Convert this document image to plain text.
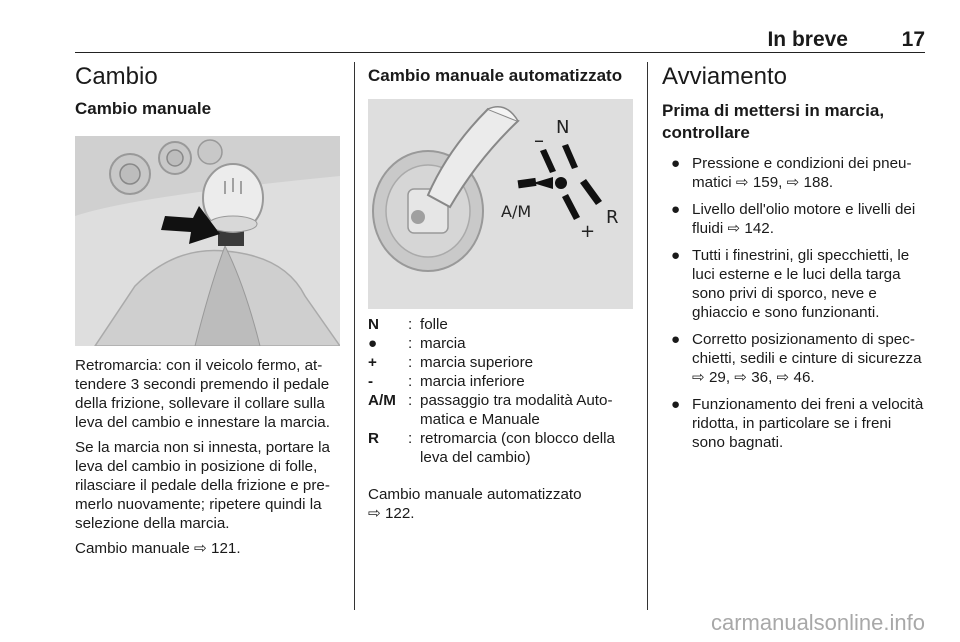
In breve	17
Cambio
Cambio manuale

Retromarcia: con il veicolo fermo, attendere 3 secondi premendo il pedale della frizione, sollevare il collare sulla leva del cambio e innestare la marcia.

Se la marcia non si innesta, portare la leva del cambio in posizione di folle, rilasciare il pedale della frizione e premerlo nuovamente; ripetere quindi la selezione della marcia.

Cambio manuale ⇨ 121.

Cambio manuale automatizzato
N
–
A/M
+
R
N	: folle
●	: marcia
+	: marcia superiore
-	: marcia inferiore
A/M : passaggio tra modalità Automatica e Manuale
R	: retromarcia (con blocco della leva del cambio)

Cambio manuale automatizzato
⇨ 122.

Avviamento
Prima di mettersi in marcia, controllare
● Pressione e condizioni dei pneumatici ⇨ 159, ⇨ 188.
● Livello dell'olio motore e livelli dei fluidi ⇨ 142.
● Tutti i finestrini, gli specchietti, le luci esterne e le luci della targa sono privi di sporco, neve e ghiaccio e sono funzionanti.
● Corretto posizionamento di specchietti, sedili e cinture di sicurezza ⇨ 29, ⇨ 36, ⇨ 46.
● Funzionamento dei freni a velocità ridotta, in particolare se i freni sono bagnati.
carmanualsonline.info
